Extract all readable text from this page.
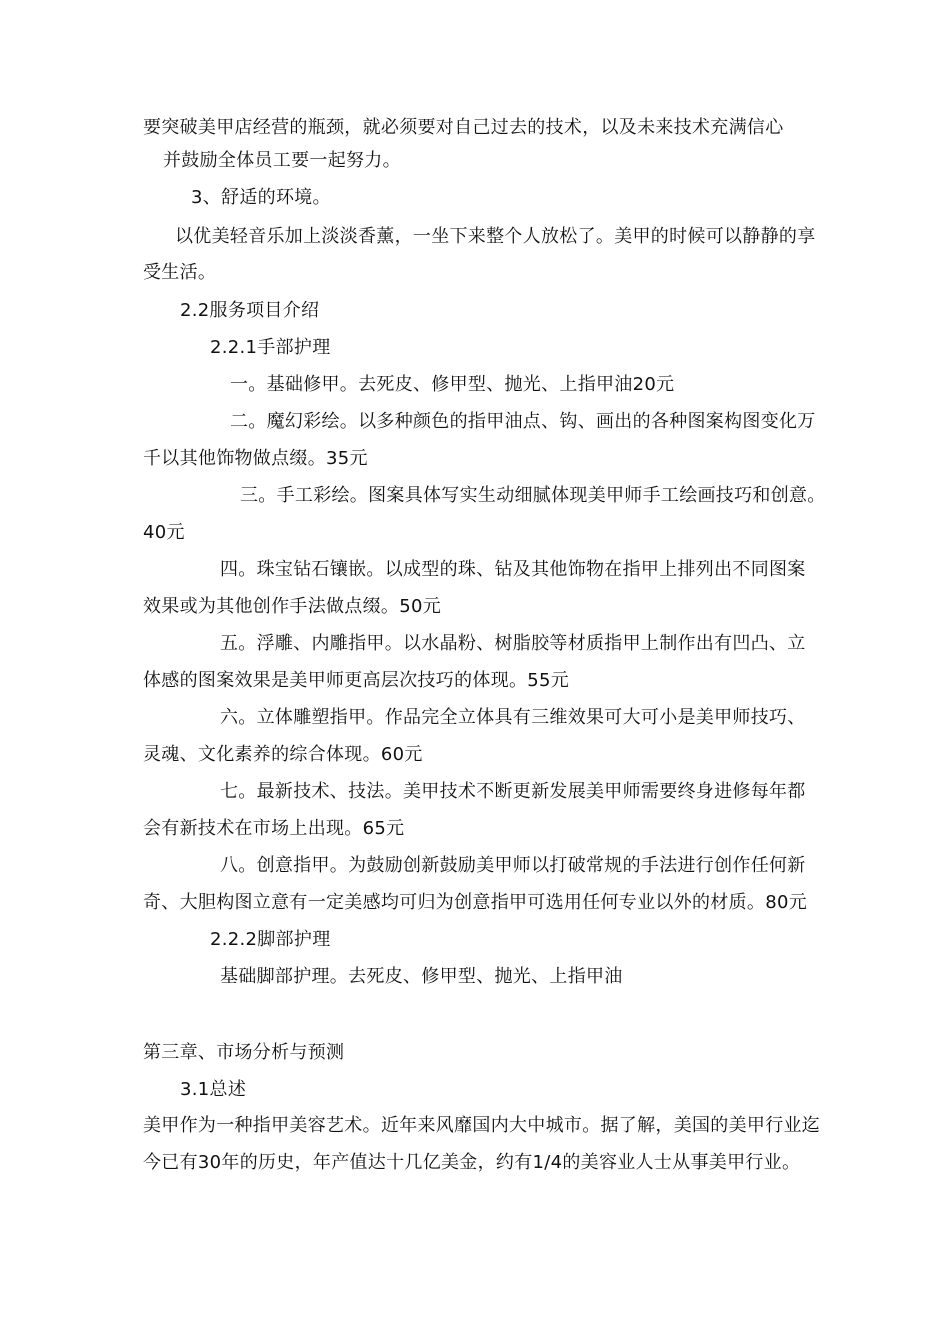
要突破美甲店经营的瓶颈，就必须要对自己过去的技术，以及未来技术充满信心
并鼓励全体员工要一起努力。
3、舒适的环境。
以优美轻音乐加上淡淡香薰，一坐下来整个人放松了。美甲的时候可以静静的享
受生活。
2.2服务项目介绍
2.2.1手部护理
一。基础修甲。去死皮、修甲型、抛光、上指甲油20元
二。魔幻彩绘。以多种颜色的指甲油点、钩、画出的各种图案构图变化万
千以其他饰物做点缀。35元
三。手工彩绘。图案具体写实生动细腻体现美甲师手工绘画技巧和创意。
40元
四。珠宝钻石镶嵌。以成型的珠、钻及其他饰物在指甲上排列出不同图案
效果或为其他创作手法做点缀。50元
五。浮雕、内雕指甲。以水晶粉、树脂胶等材质指甲上制作出有凹凸、立
体感的图案效果是美甲师更高层次技巧的体现。55元
六。立体雕塑指甲。作品完全立体具有三维效果可大可小是美甲师技巧、
灵魂、文化素养的综合体现。60元
七。最新技术、技法。美甲技术不断更新发展美甲师需要终身进修每年都
会有新技术在市场上出现。65元
八。创意指甲。为鼓励创新鼓励美甲师以打破常规的手法进行创作任何新
奇、大胆构图立意有一定美感均可归为创意指甲可选用任何专业以外的材质。80元
2.2.2脚部护理
基础脚部护理。去死皮、修甲型、抛光、上指甲油
第三章、市场分析与预测
3.1总述
美甲作为一种指甲美容艺术。近年来风靡国内大中城市。据了解，美国的美甲行业迄
今已有30年的历史，年产值达十几亿美金，约有1/4的美容业人士从事美甲行业。
